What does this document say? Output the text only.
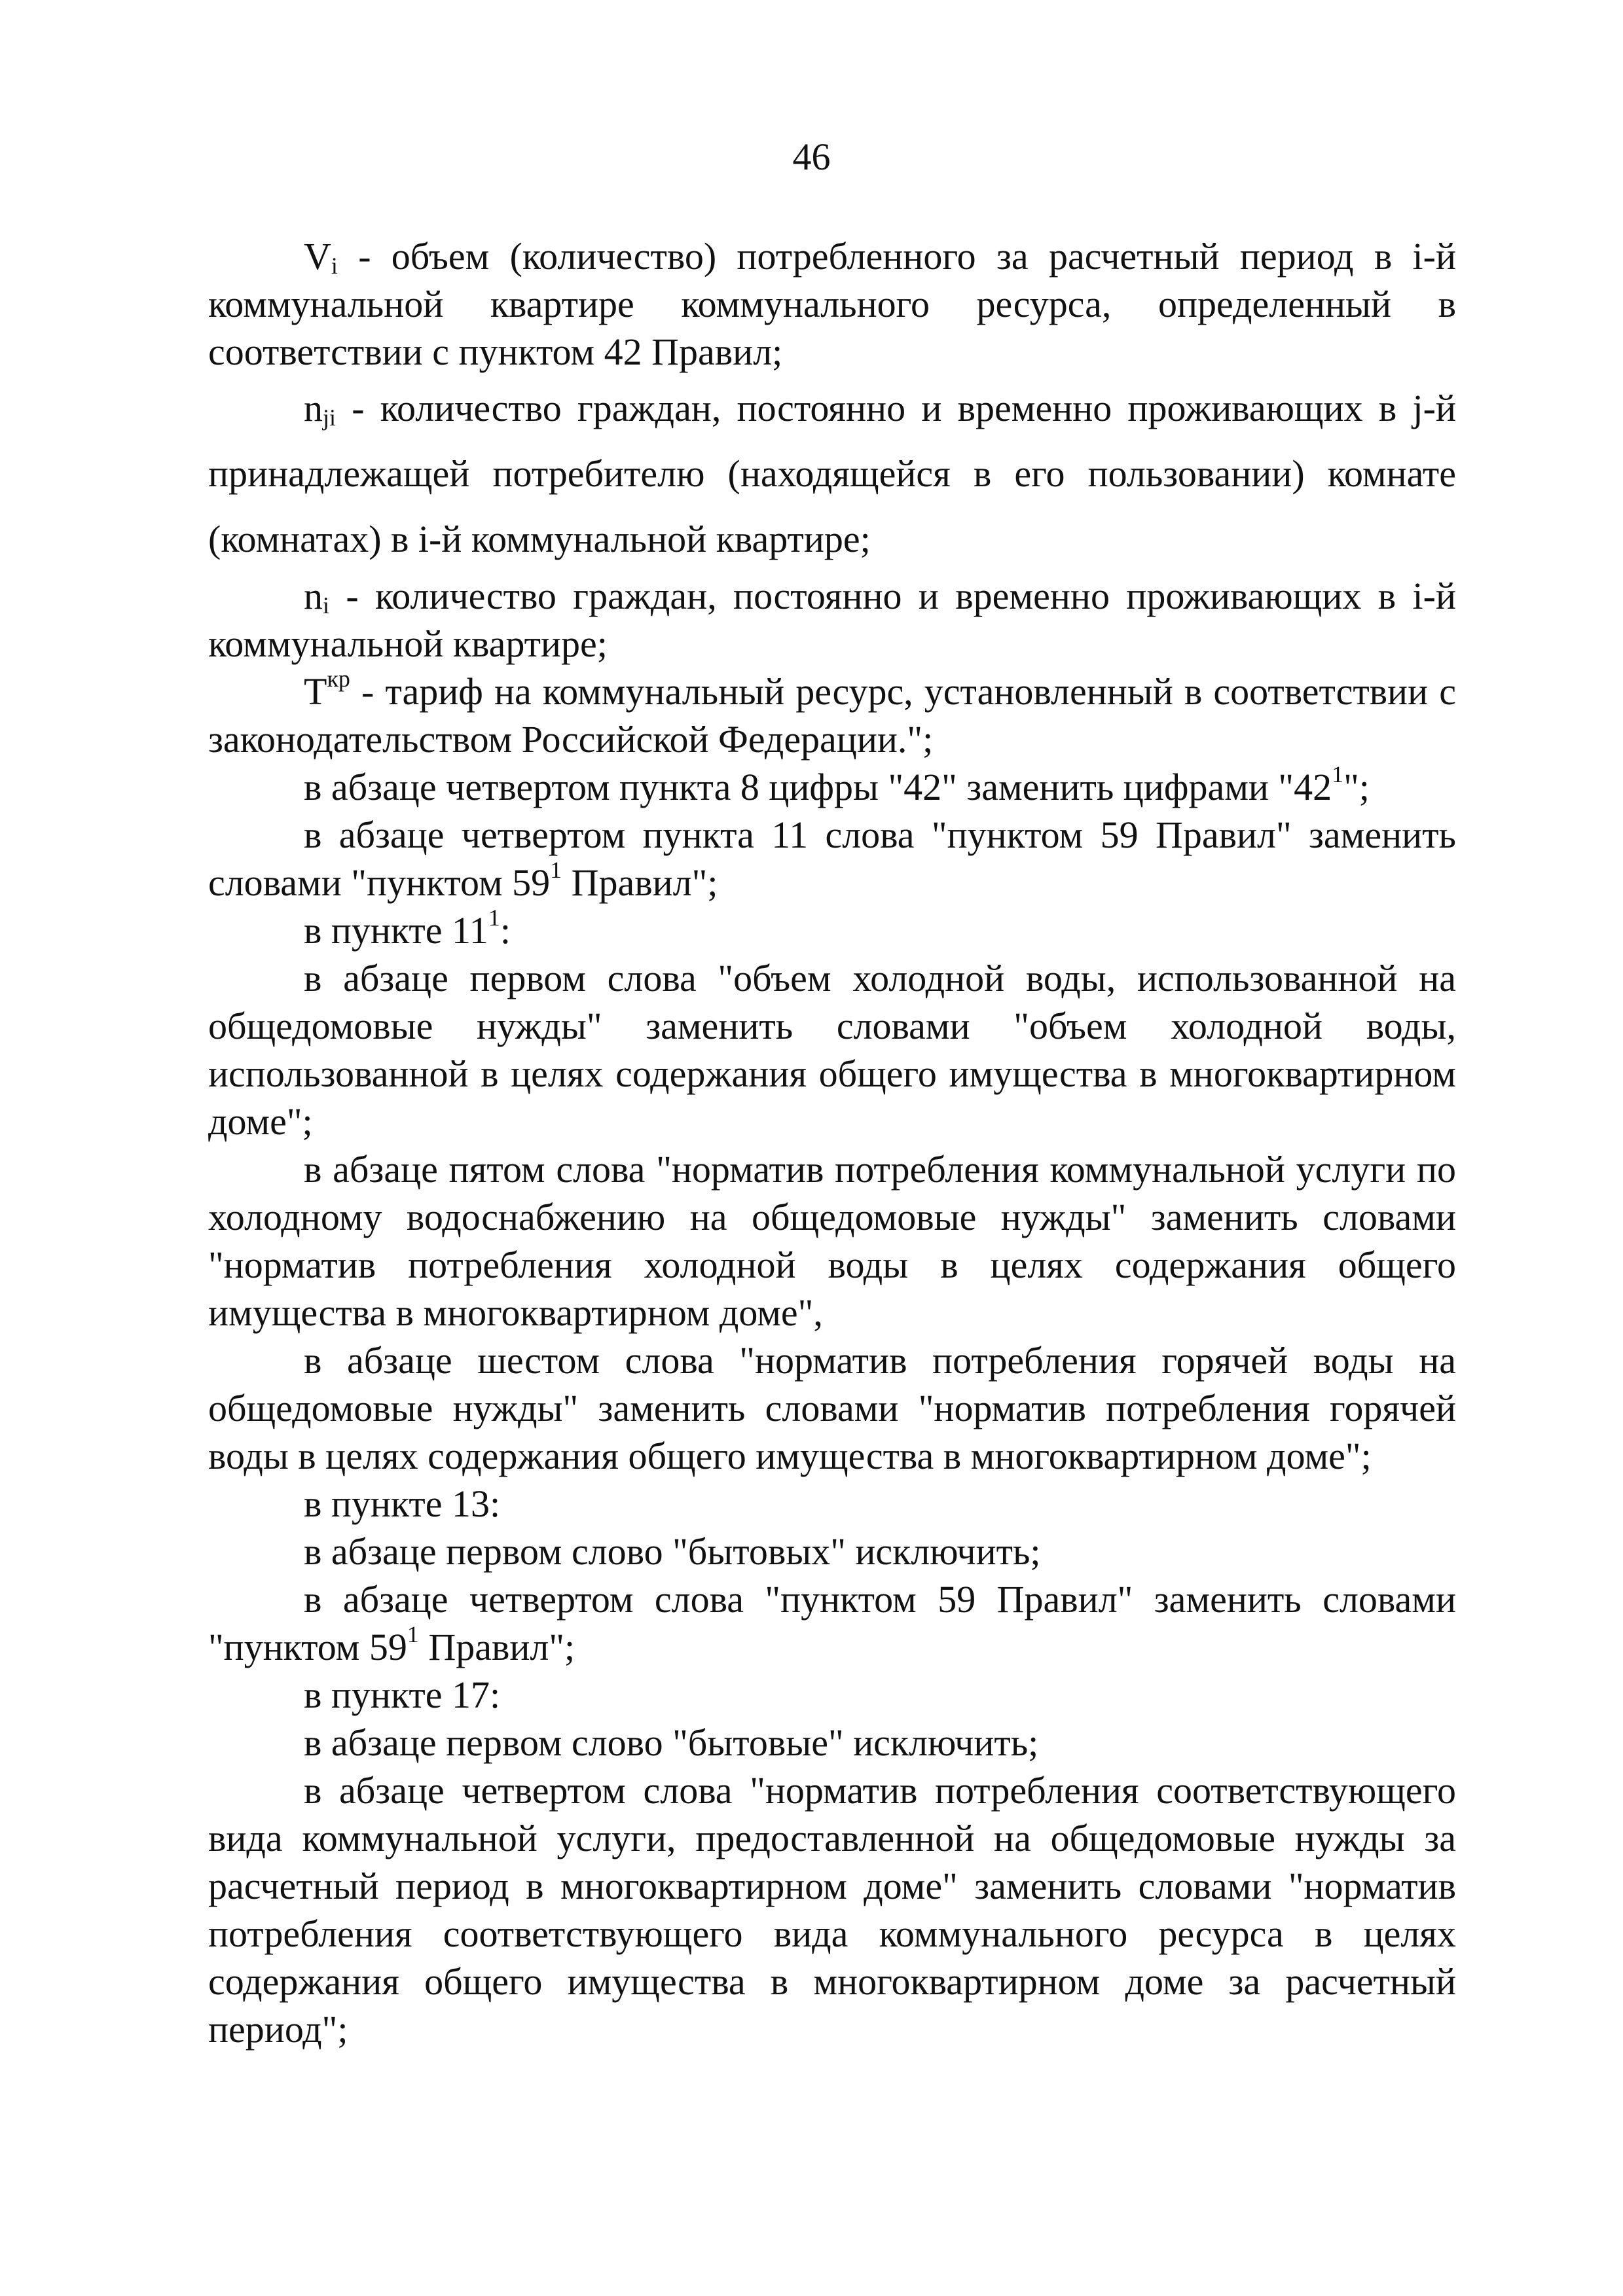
46

$V_i$ - объем (количество) потребленного за расчетный период в i-й коммунальной квартире коммунального ресурса, определенный в соответствии с пунктом 42 Правил;

$n_{ji}$ - количество граждан, постоянно и временно проживающих в j-й принадлежащей потребителю (находящейся в его пользовании) комнате (комнатах) в i-й коммунальной квартире;

$n_i$ - количество граждан, постоянно и временно проживающих в i-й коммунальной квартире;

$T^{кр}$ - тариф на коммунальный ресурс, установленный в соответствии с законодательством Российской Федерации.";

в абзаце четвертом пункта 8 цифры "42" заменить цифрами "$42^1$";

в абзаце четвертом пункта 11 слова "пунктом 59 Правил" заменить словами "пунктом $59^1$ Правил";

в пункте $11^1$:

в абзаце первом слова "объем холодной воды, использованной на общедомовые нужды" заменить словами "объем холодной воды, использованной в целях содержания общего имущества в многоквартирном доме";

в абзаце пятом слова "норматив потребления коммунальной услуги по холодному водоснабжению на общедомовые нужды" заменить словами "норматив потребления холодной воды в целях содержания общего имущества в многоквартирном доме",

в абзаце шестом слова "норматив потребления горячей воды на общедомовые нужды" заменить словами "норматив потребления горячей воды в целях содержания общего имущества в многоквартирном доме";

в пункте 13:

в абзаце первом слово "бытовых" исключить;

в абзаце четвертом слова "пунктом 59 Правил" заменить словами "пунктом $59^1$ Правил";

в пункте 17:

в абзаце первом слово "бытовые" исключить;

в абзаце четвертом слова "норматив потребления соответствующего вида коммунальной услуги, предоставленной на общедомовые нужды за расчетный период в многоквартирном доме" заменить словами "норматив потребления соответствующего вида коммунального ресурса в целях содержания общего имущества в многоквартирном доме за расчетный период";
